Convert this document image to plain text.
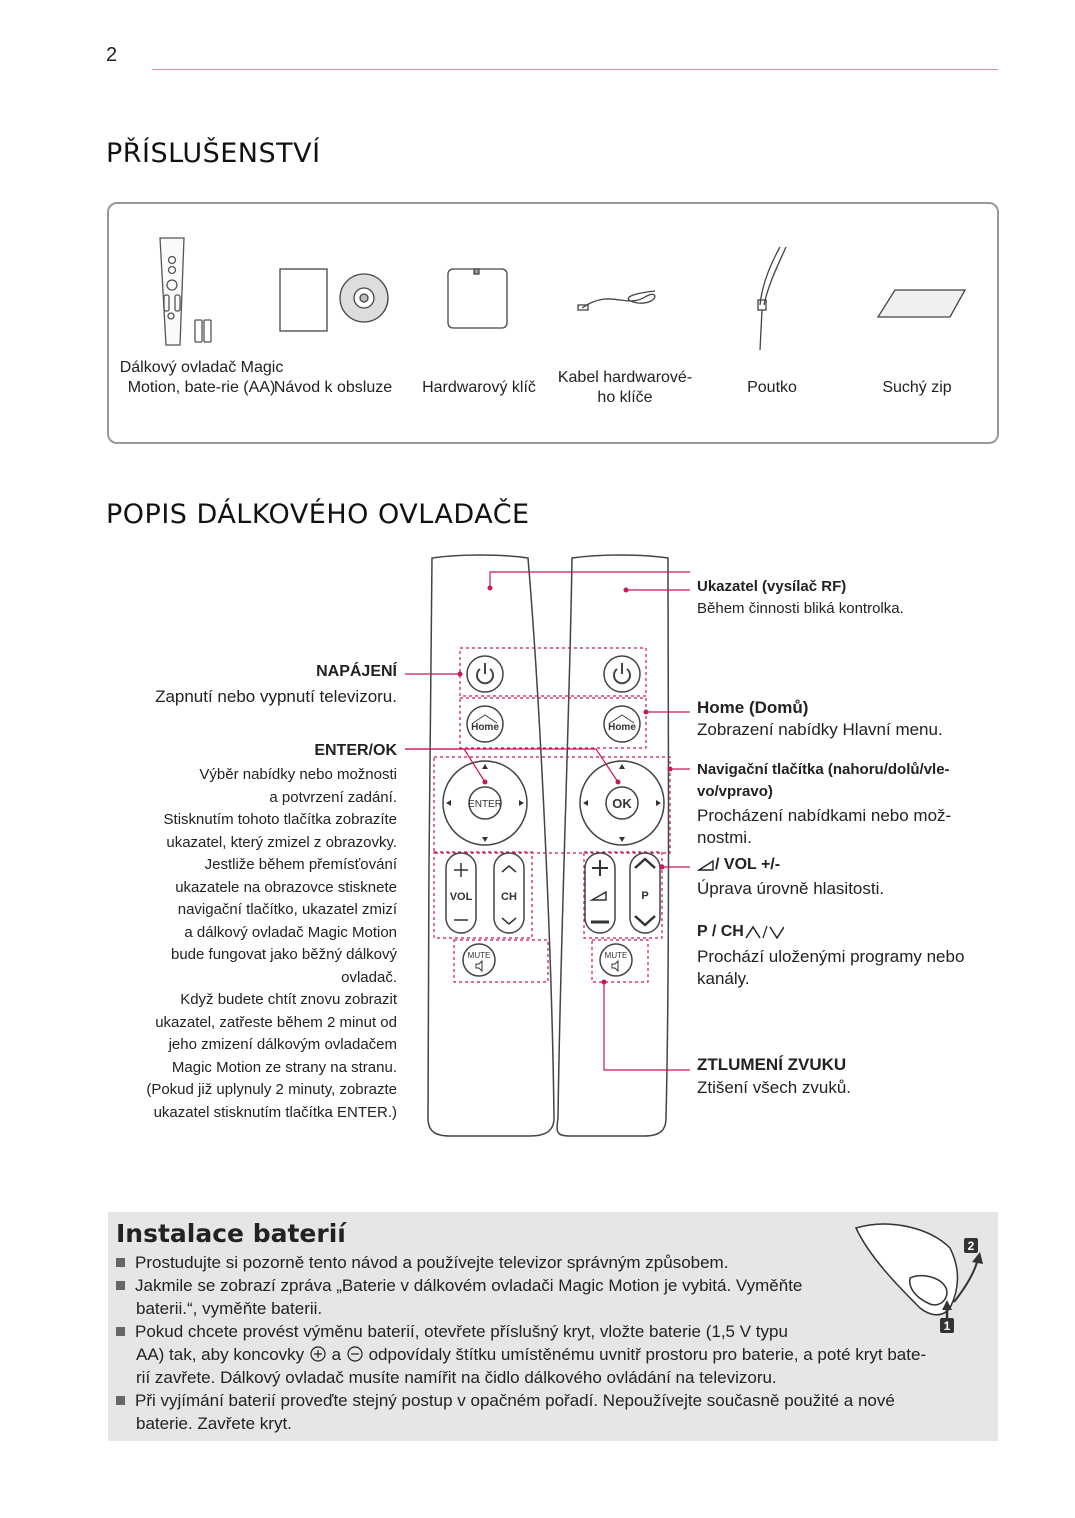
2
PŘÍSLUŠENSTVÍ
Dálkový ovladač Magic Motion, bate-rie (AA)
Návod k obsluze	Hardwarový klíč
Kabel hardwarové-ho klíče
Poutko	Suchý zip
POPIS DÁLKOVÉHO OVLADAČE
Home	Home
ENTER	OK
VOL	CH	P
MUTE	MUTE
NAPÁJENÍ
Zapnutí nebo vypnutí televizoru.
ENTER/OK
Výběr nabídky nebo možnosti
a potvrzení zadání.
Stisknutím tohoto tlačítka zobrazíte
ukazatel, který zmizel z obrazovky.
Jestliže během přemísťování
ukazatele na obrazovce stisknete
navigační tlačítko, ukazatel zmizí
a dálkový ovladač Magic Motion
bude fungovat jako běžný dálkový
ovladač.
Když budete chtít znovu zobrazit
ukazatel, zatřeste během 2 minut od
jeho zmizení dálkovým ovladačem
Magic Motion ze strany na stranu.
(Pokud již uplynuly 2 minuty, zobrazte
ukazatel stisknutím tlačítka ENTER.)
Ukazatel (vysílač RF)
Během činnosti bliká kontrolka.
Home (Domů)
Zobrazení nabídky Hlavní menu.
Navigační tlačítka (nahoru/dolů/vle-
vo/vpravo)
Procházení nabídkami nebo mož-
nostmi.
/ VOL +/-
Úprava úrovně hlasitosti.
P / CH
Prochází uloženými programy nebo
kanály.
ZTLUMENÍ ZVUKU
Ztišení všech zvuků.
Instalace baterií
Prostudujte si pozorně tento návod a používejte televizor správným způsobem.
Jakmile se zobrazí zpráva „Baterie v dálkovém ovladači Magic Motion je vybitá. Vyměňte
baterii.“, vyměňte baterii.
Pokud chcete provést výměnu baterií, otevřete příslušný kryt, vložte baterie (1,5 V typu
AA) tak, aby koncovky a odpovídaly štítku umístěnému uvnitř prostoru pro baterie, a poté kryt bate-
rií zavřete. Dálkový ovladač musíte namířit na čidlo dálkového ovládání na televizoru.
Při vyjímání baterií proveďte stejný postup v opačném pořadí. Nepoužívejte současně použité a nové
baterie. Zavřete kryt.
2
1
